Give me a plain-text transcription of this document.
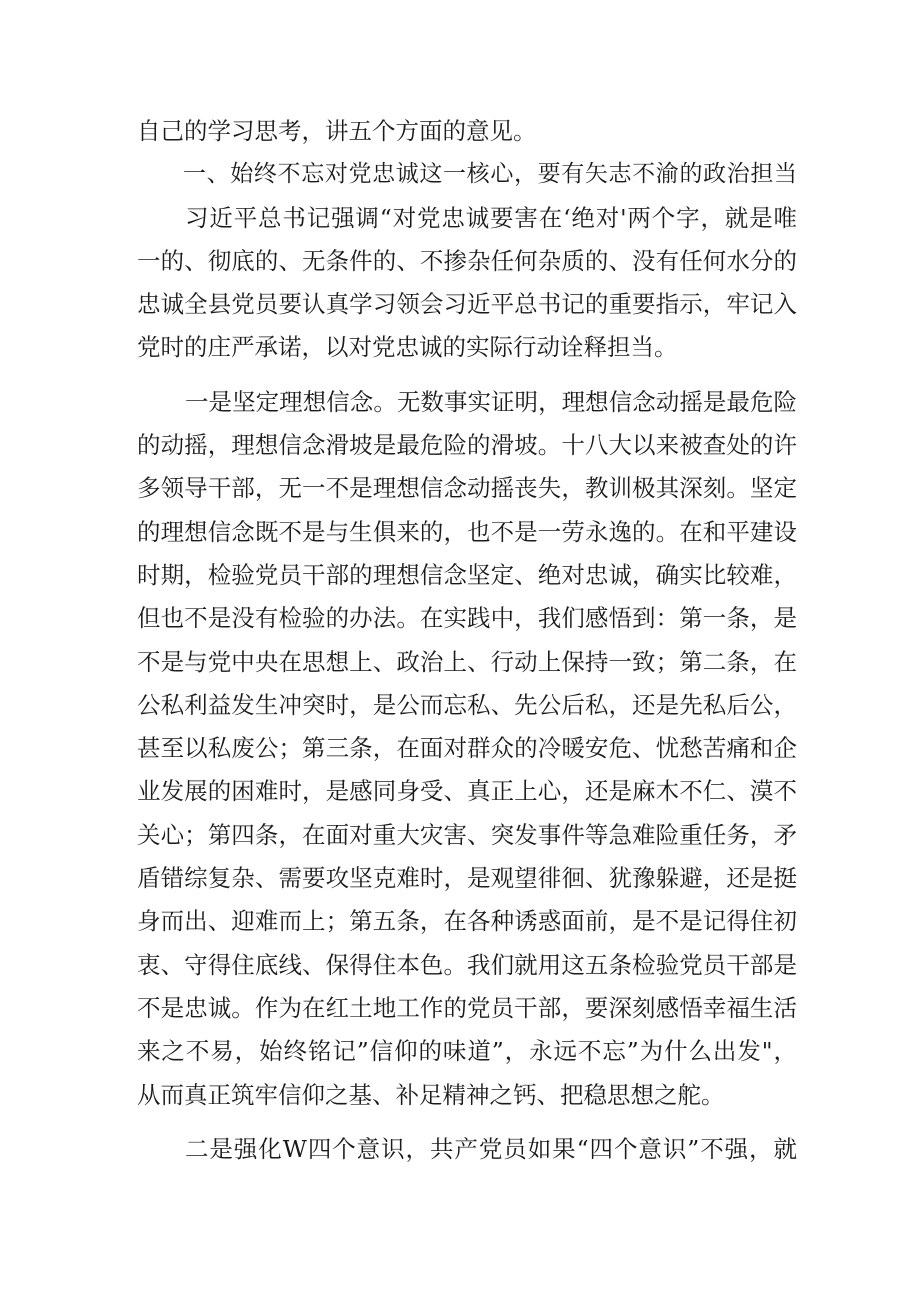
自己的学习思考，讲五个方面的意见。
一、始终不忘对党忠诚这一核心，要有矢志不渝的政治担当
习近平总书记强调“对党忠诚要害在‘绝对'两个字，就是唯
一的、彻底的、无条件的、不掺杂任何杂质的、没有任何水分的
忠诚全县党员要认真学习领会习近平总书记的重要指示，牢记入
党时的庄严承诺，以对党忠诚的实际行动诠释担当。
一是坚定理想信念。无数事实证明，理想信念动摇是最危险
的动摇，理想信念滑坡是最危险的滑坡。十八大以来被查处的许
多领导干部，无一不是理想信念动摇丧失，教训极其深刻。坚定
的理想信念既不是与生俱来的，也不是一劳永逸的。在和平建设
时期，检验党员干部的理想信念坚定、绝对忠诚，确实比较难，
但也不是没有检验的办法。在实践中，我们感悟到：第一条，是
不是与党中央在思想上、政治上、行动上保持一致；第二条，在
公私利益发生冲突时，是公而忘私、先公后私，还是先私后公，
甚至以私废公；第三条，在面对群众的冷暖安危、忧愁苦痛和企
业发展的困难时，是感同身受、真正上心，还是麻木不仁、漠不
关心；第四条，在面对重大灾害、突发事件等急难险重任务，矛
盾错综复杂、需要攻坚克难时，是观望徘徊、犹豫躲避，还是挺
身而出、迎难而上；第五条，在各种诱惑面前，是不是记得住初
衷、守得住底线、保得住本色。我们就用这五条检验党员干部是
不是忠诚。作为在红土地工作的党员干部，要深刻感悟幸福生活
来之不易，始终铭记”信仰的味道”，永远不忘”为什么出发"，
从而真正筑牢信仰之基、补足精神之钙、把稳思想之舵。
二是强化W四个意识，共产党员如果“四个意识”不强，就
